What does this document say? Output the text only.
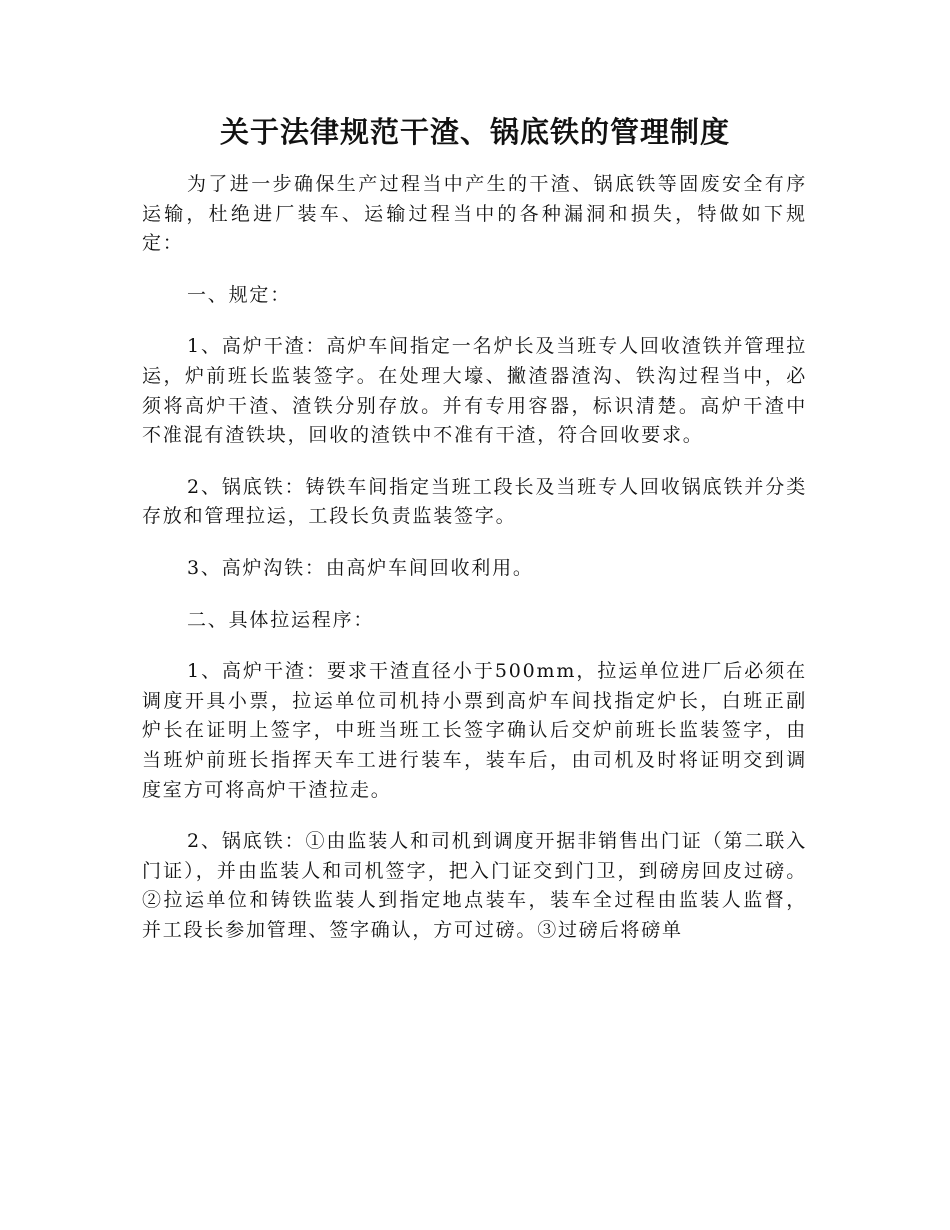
关于法律规范干渣、锅底铁的管理制度

为了进一步确保生产过程当中产生的干渣、锅底铁等固废安全有序运输，杜绝进厂装车、运输过程当中的各种漏洞和损失，特做如下规定：

一、规定：

1、高炉干渣：高炉车间指定一名炉长及当班专人回收渣铁并管理拉运，炉前班长监装签字。在处理大壕、撇渣器渣沟、铁沟过程当中，必须将高炉干渣、渣铁分别存放。并有专用容器，标识清楚。高炉干渣中不准混有渣铁块，回收的渣铁中不准有干渣，符合回收要求。

2、锅底铁：铸铁车间指定当班工段长及当班专人回收锅底铁并分类存放和管理拉运，工段长负责监装签字。

3、高炉沟铁：由高炉车间回收利用。

二、具体拉运程序：

1、高炉干渣：要求干渣直径小于500mm，拉运单位进厂后必须在调度开具小票，拉运单位司机持小票到高炉车间找指定炉长，白班正副炉长在证明上签字，中班当班工长签字确认后交炉前班长监装签字，由当班炉前班长指挥天车工进行装车，装车后，由司机及时将证明交到调度室方可将高炉干渣拉走。

2、锅底铁：①由监装人和司机到调度开据非销售出门证（第二联入门证），并由监装人和司机签字，把入门证交到门卫，到磅房回皮过磅。②拉运单位和铸铁监装人到指定地点装车，装车全过程由监装人监督，并工段长参加管理、签字确认，方可过磅。③过磅后将磅单
